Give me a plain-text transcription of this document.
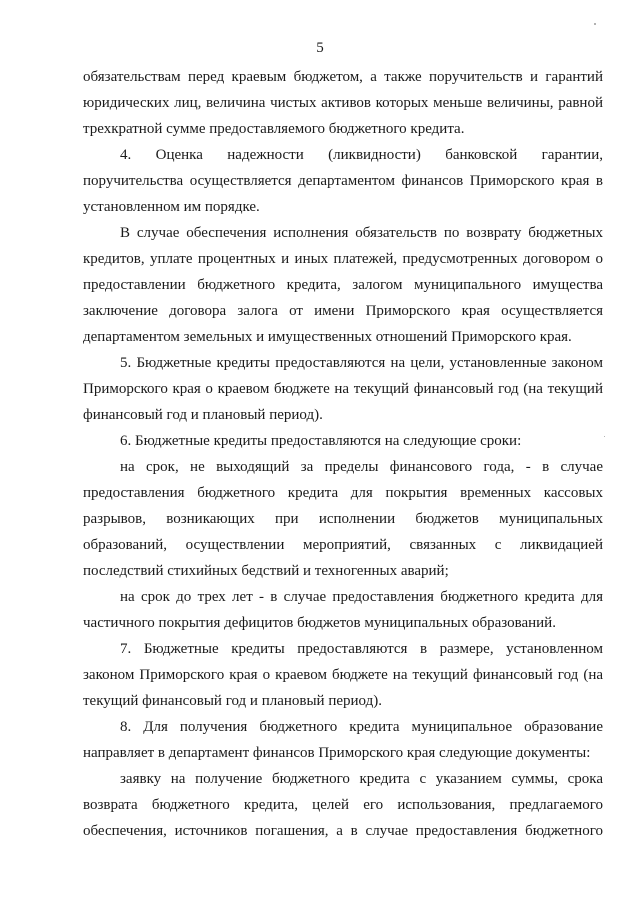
5
обязательствам перед краевым бюджетом, а также поручительств и гарантий
юридических лиц, величина чистых активов которых меньше величины, равной
трехкратной сумме предоставляемого бюджетного кредита.
4.      Оценка      надежности      (ликвидности)      банковской      гарантии,
поручительства осуществляется департаментом финансов Приморского края в
установленном им порядке.
В случае обеспечения исполнения обязательств по возврату бюджетных
кредитов, уплате процентных и иных платежей, предусмотренных договором о
предоставлении бюджетного кредита, залогом муниципального имущества
заключение договора залога от имени Приморского края осуществляется
департаментом земельных и имущественных отношений Приморского края.
5. Бюджетные кредиты предоставляются на цели, установленные законом
Приморского края о краевом бюджете на текущий финансовый год (на текущий
финансовый год и плановый период).
6. Бюджетные кредиты предоставляются на следующие сроки:
на срок, не выходящий за пределы финансового года, - в случае
предоставления бюджетного кредита для покрытия временных кассовых
разрывов,     возникающих     при     исполнении     бюджетов     муниципальных
образований,  осуществлении  мероприятий,  связанных  с  ликвидацией
последствий стихийных бедствий и техногенных аварий;
на срок до трех лет - в случае предоставления бюджетного кредита для
частичного покрытия дефицитов бюджетов муниципальных образований.
7. Бюджетные кредиты предоставляются в размере, установленном
законом Приморского края о краевом бюджете на текущий финансовый год (на
текущий финансовый год и плановый период).
8. Для получения бюджетного кредита муниципальное образование
направляет в департамент финансов Приморского края следующие документы:
заявку на получение бюджетного кредита с указанием суммы, срока
возврата  бюджетного  кредита,  целей  его  использования,  предлагаемого
обеспечения, источников погашения, а в случае предоставления бюджетного
